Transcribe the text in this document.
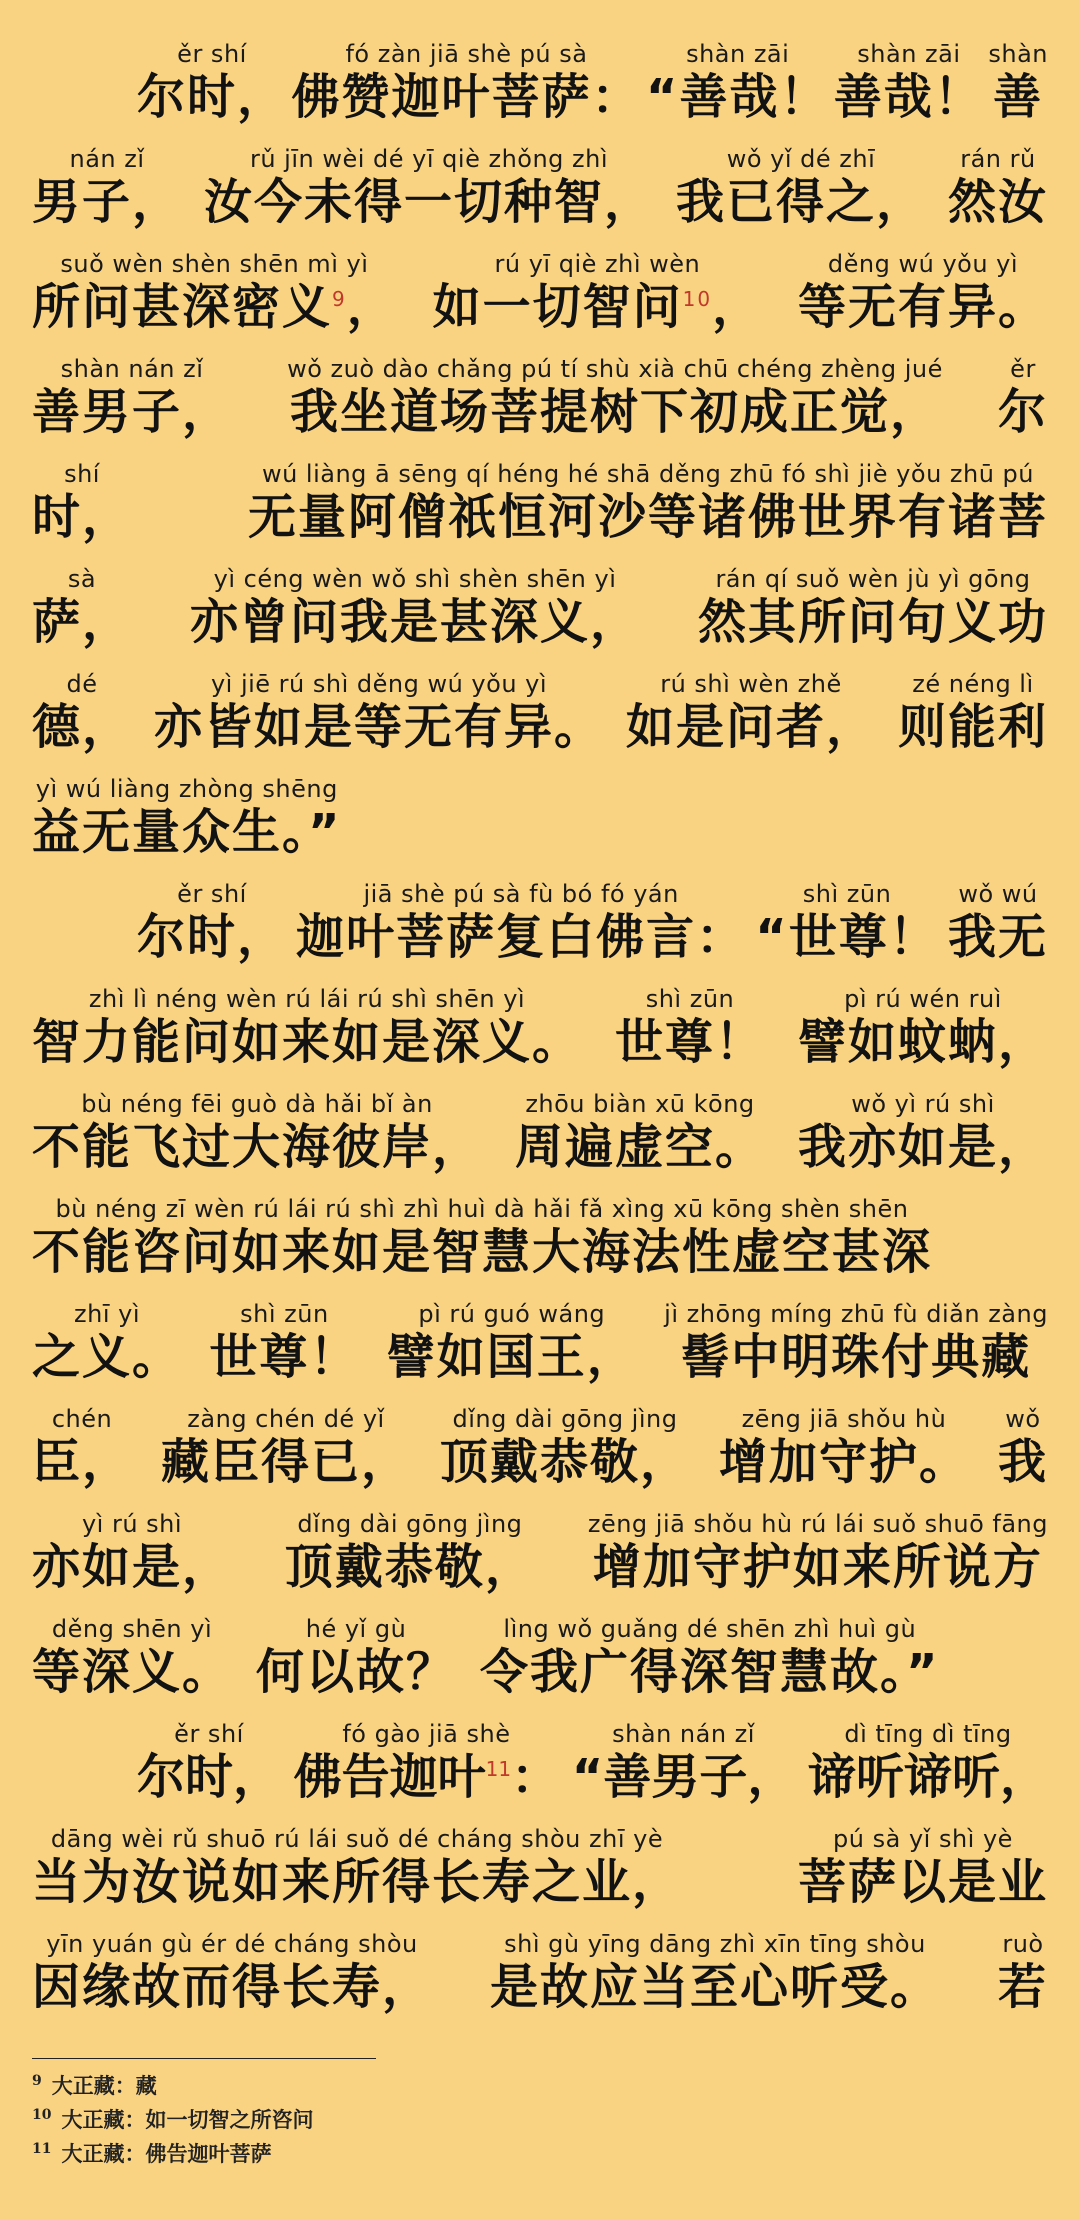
ěr shí
尔时，
fó zàn jiā shè pú sà
佛赞迦叶菩萨：
shàn zāi
“善哉！
shàn zāi
善哉！
shàn
善
nán zǐ
男子，
rǔ jīn wèi dé yī qiè zhǒng zhì
汝今未得一切种智，
wǒ yǐ dé zhī
我已得之，
rán rǔ
然汝
suǒ wèn shèn shēn mì yì
所问甚深密义$^9$，
rú yī qiè zhì wèn
如一切智问$^{10}$，
děng wú yǒu yì
等无有异。
shàn nán zǐ
善男子，
wǒ zuò dào chǎng pú tí shù xià chū chéng zhèng jué
我坐道场菩提树下初成正觉，
ěr
尔
shí
时，
wú liàng ā sēng qí héng hé shā děng zhū fó shì jiè yǒu zhū pú
无量阿僧祇恒河沙等诸佛世界有诸菩
sà
萨，
yì céng wèn wǒ shì shèn shēn yì
亦曾问我是甚深义，
rán qí suǒ wèn jù yì gōng
然其所问句义功
dé
德，
yì jiē rú shì děng wú yǒu yì
亦皆如是等无有异。
rú shì wèn zhě
如是问者，
zé néng lì
则能利
yì wú liàng zhòng shēng
益无量众生。”
ěr shí
尔时，
jiā shè pú sà fù bó fó yán
迦叶菩萨复白佛言：
shì zūn
“世尊！
wǒ wú
我无
zhì lì néng wèn rú lái rú shì shēn yì
智力能问如来如是深义。
shì zūn
世尊！
pì rú wén ruì
譬如蚊蚋，
bù néng fēi guò dà hǎi bǐ àn
不能飞过大海彼岸，
zhōu biàn xū kōng
周遍虚空。
wǒ yì rú shì
我亦如是，
bù néng zī wèn rú lái rú shì zhì huì dà hǎi fǎ xìng xū kōng shèn shēn
不能咨问如来如是智慧大海法性虚空甚深
zhī yì
之义。
shì zūn
世尊！
pì rú guó wáng
譬如国王，
jì zhōng míng zhū fù diǎn zàng
髻中明珠付典藏
chén
臣，
zàng chén dé yǐ
藏臣得已，
dǐng dài gōng jìng
顶戴恭敬，
zēng jiā shǒu hù
增加守护。
wǒ
我
yì rú shì
亦如是，
dǐng dài gōng jìng
顶戴恭敬，
zēng jiā shǒu hù rú lái suǒ shuō fāng
增加守护如来所说方
děng shēn yì
等深义。
hé yǐ gù
何以故？
lìng wǒ guǎng dé shēn zhì huì gù
令我广得深智慧故。”
ěr shí
尔时，
fó gào jiā shè
佛告迦叶$^{11}$：
shàn nán zǐ
“善男子，
dì tīng dì tīng
谛听谛听，
dāng wèi rǔ shuō rú lái suǒ dé cháng shòu zhī yè
当为汝说如来所得长寿之业，
pú sà yǐ shì yè
菩萨以是业
yīn yuán gù ér dé cháng shòu
因缘故而得长寿，
shì gù yīng dāng zhì xīn tīng shòu
是故应当至心听受。
ruò
若
$^9$ 大正藏：藏
$^{10}$ 大正藏：如一切智之所咨问
$^{11}$ 大正藏：佛告迦叶菩萨
